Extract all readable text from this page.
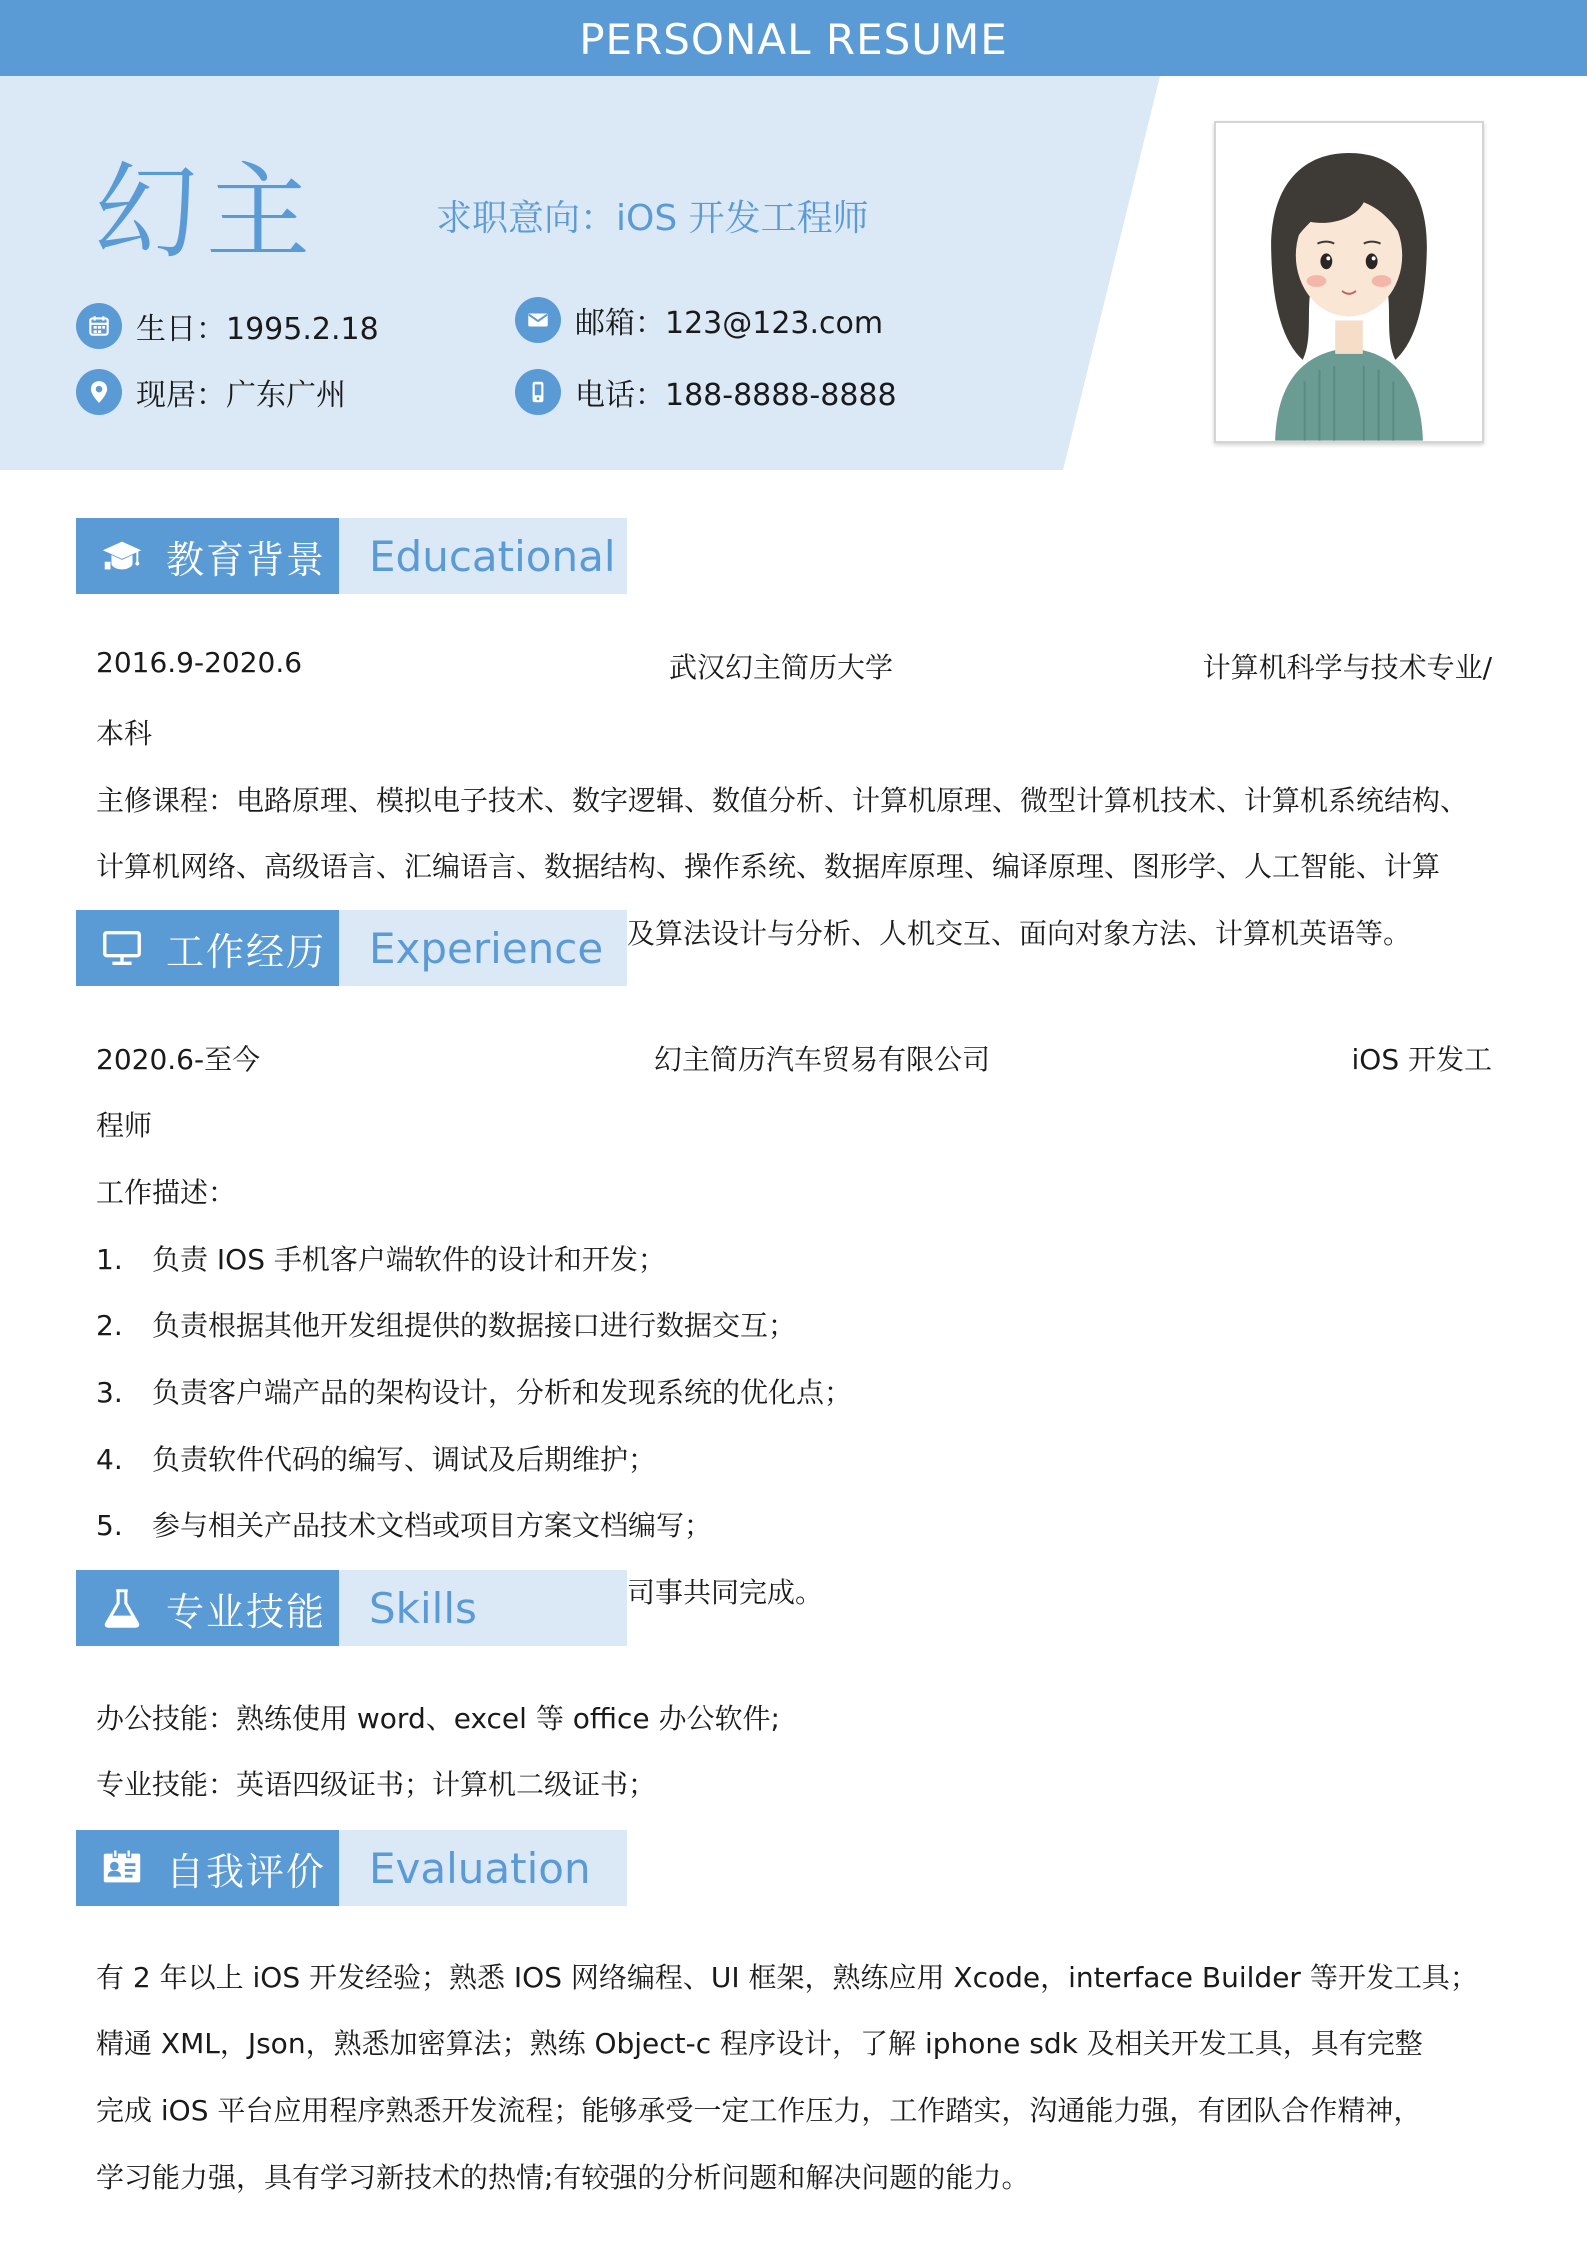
PERSONAL RESUME
幻主	求职意向：iOS 开发工程师
生日：1995.2.18
现居：广东广州
邮箱：123@123.com
电话：188-8888-8888
教育背景 Educational
2016.9-2020.6	武汉幻主简历大学	计算机科学与技术专业/
本科
主修课程：电路原理、模拟电子技术、数字逻辑、数值分析、计算机原理、微型计算机技术、计算机系统结构、
计算机网络、高级语言、汇编语言、数据结构、操作系统、数据库原理、编译原理、图形学、人工智能、计算
及算法设计与分析、人机交互、面向对象方法、计算机英语等。
工作经历 Experience
2020.6-至今	幻主简历汽车贸易有限公司	iOS 开发工
程师
工作描述：
1. 负责 IOS 手机客户端软件的设计和开发；
2. 负责根据其他开发组提供的数据接口进行数据交互；
3. 负责客户端产品的架构设计，分析和发现系统的优化点；
4. 负责软件代码的编写、调试及后期维护；
5. 参与相关产品技术文档或项目方案文档编写；
司事共同完成。
专业技能 Skills
办公技能：熟练使用 word、excel 等 office 办公软件;
专业技能：英语四级证书；计算机二级证书；
自我评价 Evaluation
有 2 年以上 iOS 开发经验；熟悉 IOS 网络编程、UI 框架，熟练应用 Xcode，interface Builder 等开发工具；
精通 XML，Json，熟悉加密算法；熟练 Object-c 程序设计，了解 iphone sdk 及相关开发工具，具有完整
完成 iOS 平台应用程序熟悉开发流程；能够承受一定工作压力，工作踏实，沟通能力强，有团队合作精神，
学习能力强，具有学习新技术的热情;有较强的分析问题和解决问题的能力。
